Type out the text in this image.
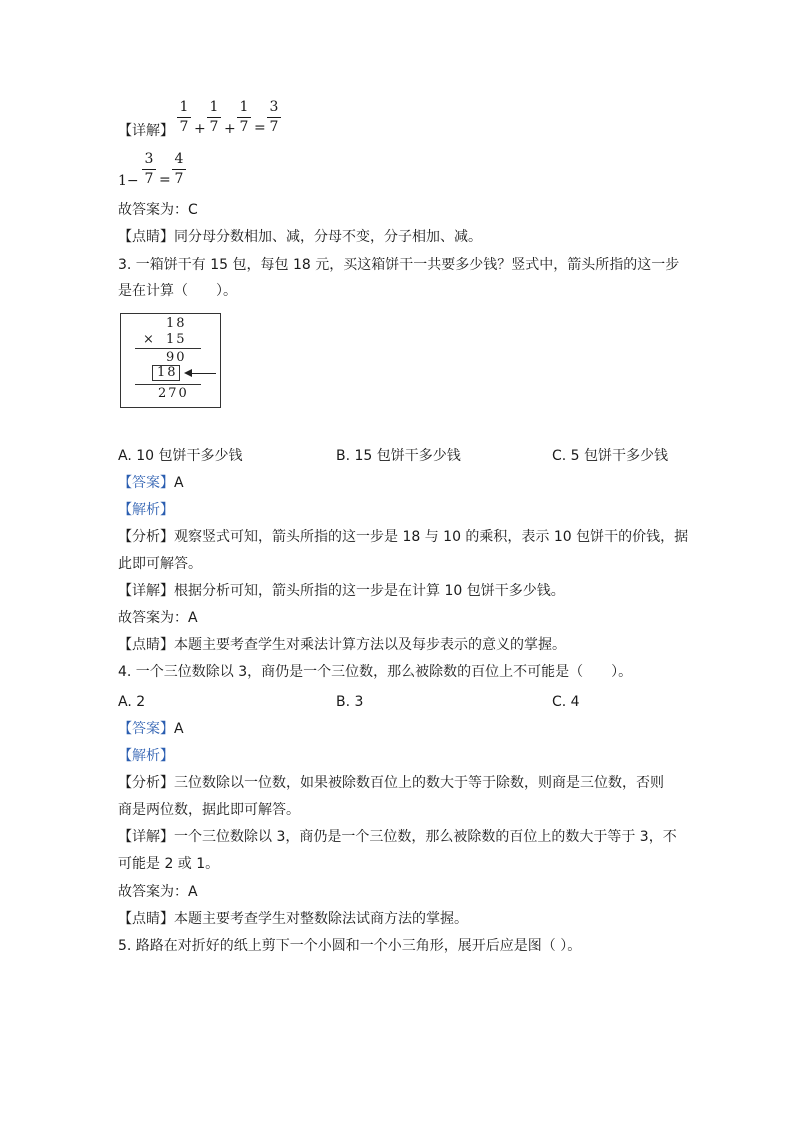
【详解】
1
7 +
1
7 +
1
7 =
3
7
1−
3
7 =
4
7
故答案为：C
【点睛】同分母分数相加、减，分母不变，分子相加、减。
3. 一箱饼干有 15 包，每包 18 元，买这箱饼干一共要多少钱？竖式中，箭头所指的这一步
是在计算（　　）。
18
× 15
90
18
270
A. 10 包饼干多少钱	B. 15 包饼干多少钱	C. 5 包饼干多少钱
【答案】A
【解析】
【分析】观察竖式可知，箭头所指的这一步是 18 与 10 的乘积，表示 10 包饼干的价钱，据
此即可解答。
【详解】根据分析可知，箭头所指的这一步是在计算 10 包饼干多少钱。
故答案为：A
【点睛】本题主要考查学生对乘法计算方法以及每步表示的意义的掌握。
4. 一个三位数除以 3，商仍是一个三位数，那么被除数的百位上不可能是（　　）。
A. 2	B. 3	C. 4
【答案】A
【解析】
【分析】三位数除以一位数，如果被除数百位上的数大于等于除数，则商是三位数，否则
商是两位数，据此即可解答。
【详解】一个三位数除以 3，商仍是一个三位数，那么被除数的百位上的数大于等于 3，不
可能是 2 或 1。
故答案为：A
【点睛】本题主要考查学生对整数除法试商方法的掌握。
5. 路路在对折好的纸上剪下一个小圆和一个小三角形，展开后应是图（ ）。
